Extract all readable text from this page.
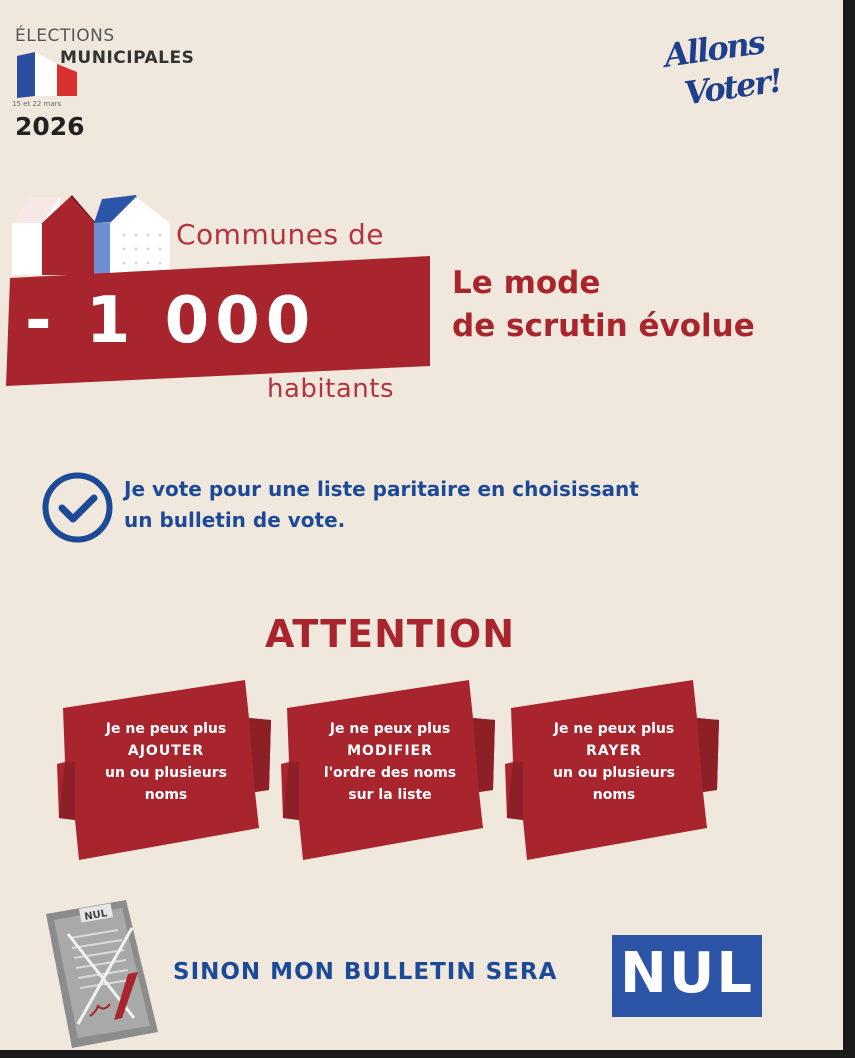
ÉLECTIONS
MUNICIPALES
15 et 22 mars
2026
Allons
Voter!
Communes de
- 1 000
habitants
Le mode
de scrutin évolue
Je vote pour une liste paritaire en choisissant
un bulletin de vote.
ATTENTION
Je ne peux plus
AJOUTER
un ou plusieurs
noms
Je ne peux plus
MODIFIER
l'ordre des noms
sur la liste
Je ne peux plus
RAYER
un ou plusieurs
noms
NUL
SINON MON BULLETIN SERA NUL
